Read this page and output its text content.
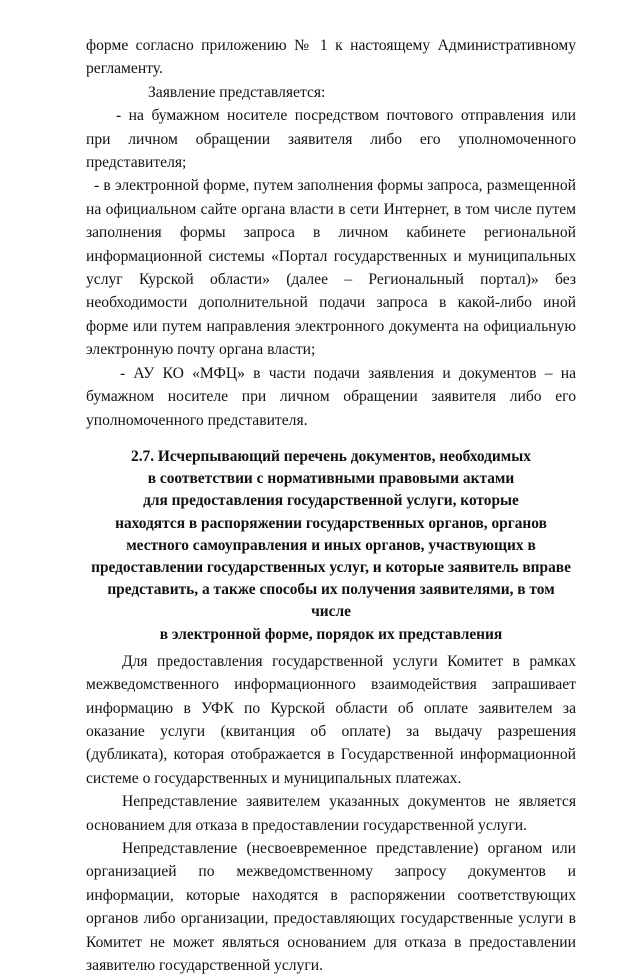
форме согласно приложению № 1 к настоящему Административному регламенту.

Заявление представляется:

- на бумажном носителе посредством почтового отправления или при личном обращении заявителя либо его уполномоченного представителя;

- в электронной форме, путем заполнения формы запроса, размещенной на официальном сайте органа власти в сети Интернет, в том числе путем заполнения формы запроса в личном кабинете региональной информационной системы «Портал государственных и муниципальных услуг Курской области» (далее – Региональный портал)» без необходимости дополнительной подачи запроса в какой-либо иной форме или путем направления электронного документа на официальную электронную почту органа власти;

- АУ КО «МФЦ» в части подачи заявления и документов – на бумажном носителе при личном обращении заявителя либо его уполномоченного представителя.

2.7. Исчерпывающий перечень документов, необходимых
в соответствии с нормативными правовыми актами
для предоставления государственной услуги, которые
находятся в распоряжении государственных органов, органов
местного самоуправления и иных органов, участвующих в
предоставлении государственных услуг, и которые заявитель вправе
представить, а также способы их получения заявителями, в том числе
в электронной форме, порядок их представления

Для предоставления государственной услуги Комитет в рамках межведомственного информационного взаимодействия запрашивает информацию в УФК по Курской области об оплате заявителем за оказание услуги (квитанция об оплате) за выдачу разрешения (дубликата), которая отображается в Государственной информационной системе о государственных и муниципальных платежах.

Непредставление заявителем указанных документов не является основанием для отказа в предоставлении государственной услуги.

Непредставление (несвоевременное представление) органом или организацией по межведомственному запросу документов и информации, которые находятся в распоряжении соответствующих органов либо организации, предоставляющих государственные услуги в Комитет не может являться основанием для отказа в предоставлении заявителю государственной услуги.
